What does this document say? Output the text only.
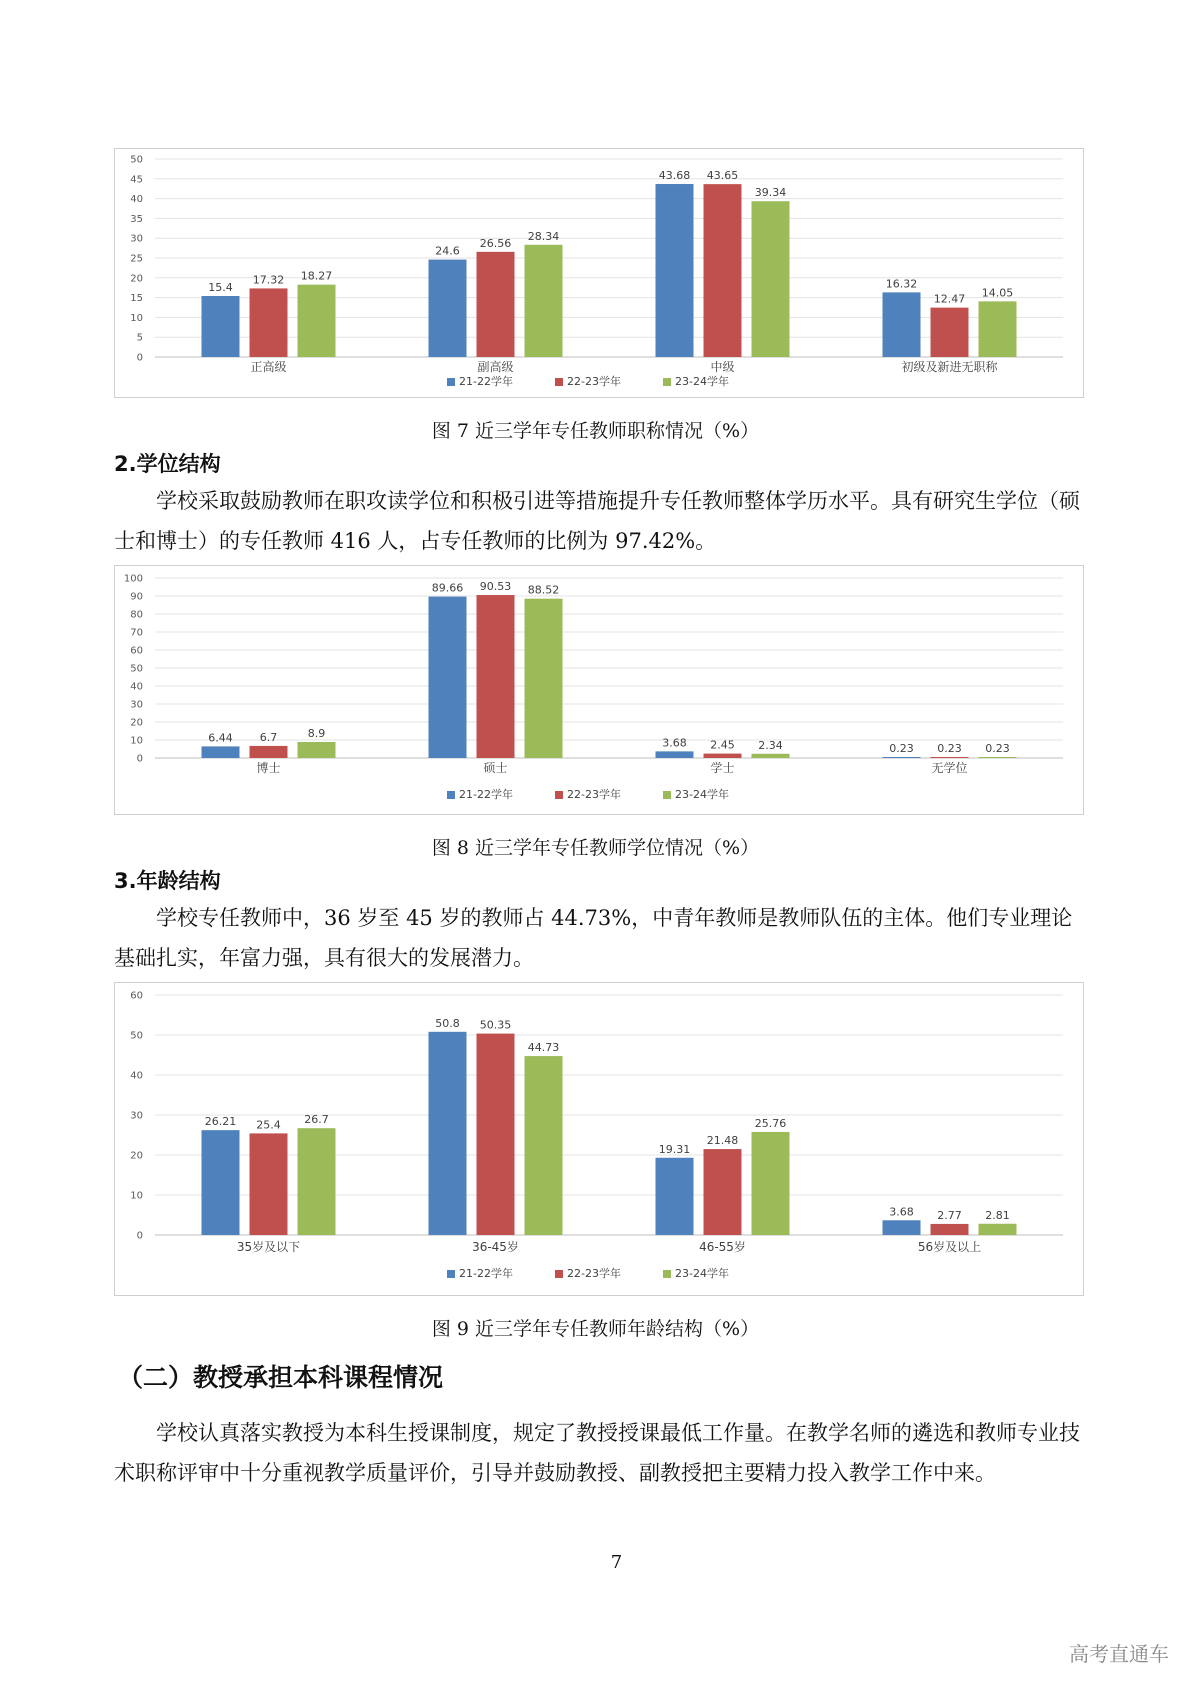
0
5
10
15
20
25
30
35
40
45
50
15.4
17.32 18.27
正高级
24.6
26.56
28.34
副高级
43.68 43.65
39.34
中级
16.32
12.47 14.05
初级及新进无职称
21-22学年	22-23学年	23-24学年
图 7 近三学年专任教师职称情况（%）
2.学位结构
学校采取鼓励教师在职攻读学位和积极引进等措施提升专任教师整体学历水平。具有研究生学位（硕士和博士）的专任教师 416 人，占专任教师的比例为 97.42%。
0
10
20
30
40
50
60
70
80
90
100
6.44 6.7	8.9
博士
89.66 90.53 88.52
硕士
3.68 2.45 2.34
学士
0.23 0.23 0.23
无学位
21-22学年	22-23学年	23-24学年
图 8 近三学年专任教师学位情况（%）
3.年龄结构
学校专任教师中，36 岁至 45 岁的教师占 44.73%，中青年教师是教师队伍的主体。他们专业理论基础扎实，年富力强，具有很大的发展潜力。
0
10
20
30
40
50
60
26.21 25.4 26.7
35岁及以下
50.8 50.35
44.73
36-45岁
19.31
21.48
25.76
46-55岁
3.68 2.77 2.81
56岁及以上
21-22学年	22-23学年	23-24学年
图 9 近三学年专任教师年龄结构（%）
（二）教授承担本科课程情况
学校认真落实教授为本科生授课制度，规定了教授授课最低工作量。在教学名师的遴选和教师专业技术职称评审中十分重视教学质量评价，引导并鼓励教授、副教授把主要精力投入教学工作中来。
7
高考直通车
